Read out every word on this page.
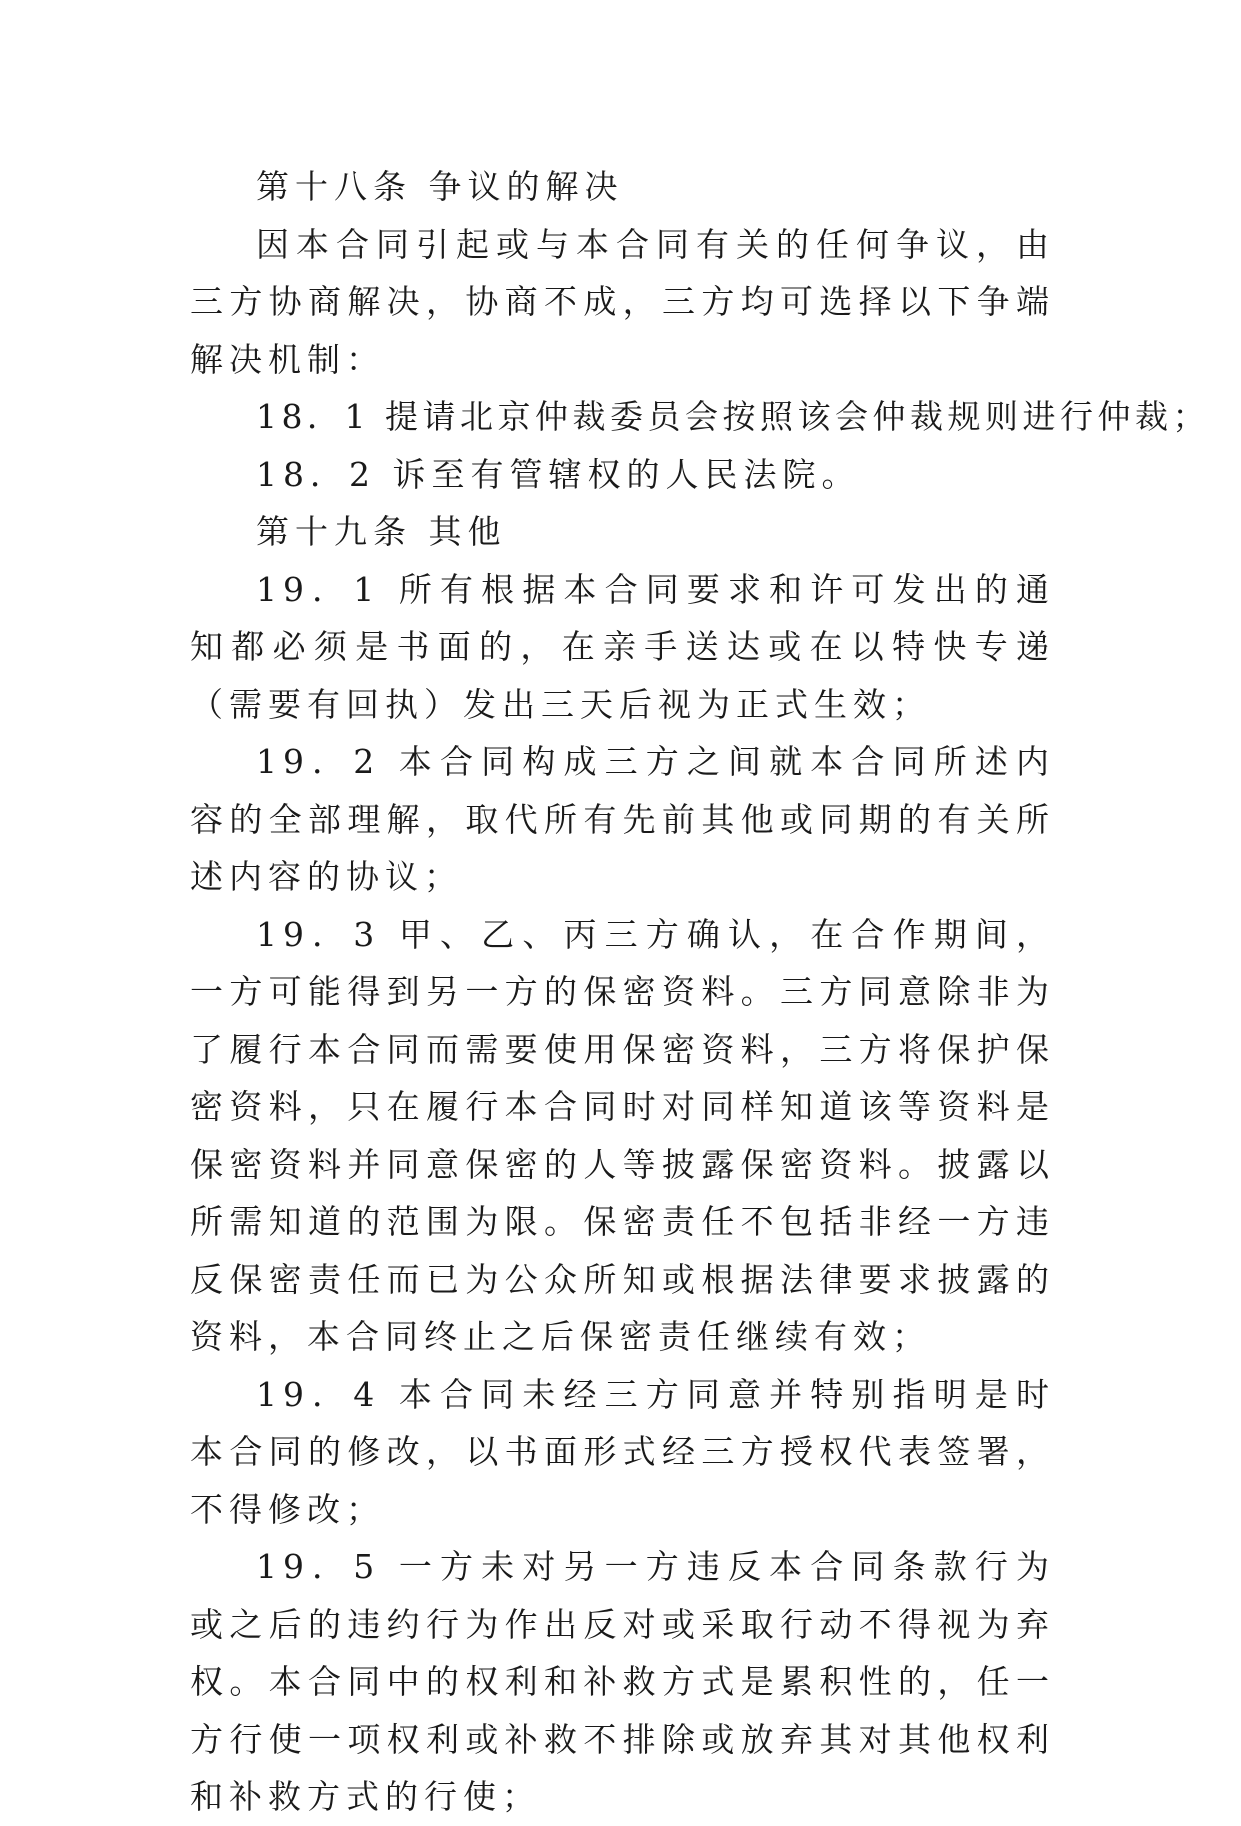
第十八条 争议的解决

因本合同引起或与本合同有关的任何争议，由三方协商解决，协商不成，三方均可选择以下争端解决机制：

18．1 提请北京仲裁委员会按照该会仲裁规则进行仲裁；

18．2 诉至有管辖权的人民法院。

第十九条 其他

19．1 所有根据本合同要求和许可发出的通知都必须是书面的，在亲手送达或在以特快专递（需要有回执）发出三天后视为正式生效；

19．2 本合同构成三方之间就本合同所述内容的全部理解，取代所有先前其他或同期的有关所述内容的协议；

19．3 甲、乙、丙三方确认，在合作期间，一方可能得到另一方的保密资料。三方同意除非为了履行本合同而需要使用保密资料，三方将保护保密资料，只在履行本合同时对同样知道该等资料是保密资料并同意保密的人等披露保密资料。披露以所需知道的范围为限。保密责任不包括非经一方违反保密责任而已为公众所知或根据法律要求披露的资料，本合同终止之后保密责任继续有效；

19．4 本合同未经三方同意并特别指明是时本合同的修改，以书面形式经三方授权代表签署，不得修改；

19．5 一方未对另一方违反本合同条款行为或之后的违约行为作出反对或采取行动不得视为弃权。本合同中的权利和补救方式是累积性的，任一方行使一项权利或补救不排除或放弃其对其他权利和补救方式的行使；
